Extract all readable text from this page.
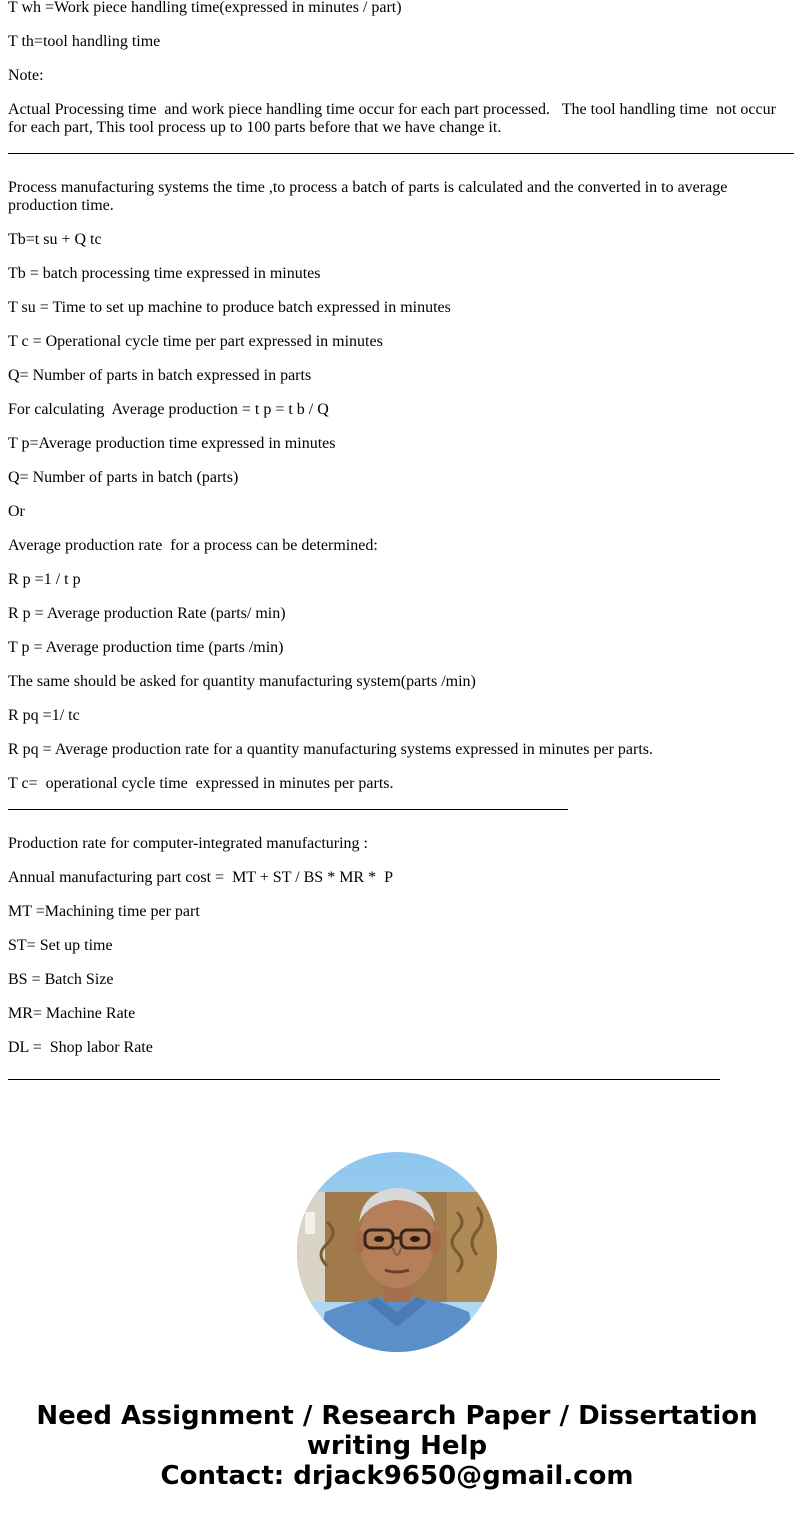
T wh =Work piece handling time(expressed in minutes / part)

T th=tool handling time

Note:

Actual Processing time  and work piece handling time occur for each part processed.   The tool handling time  not occur for each part, This tool process up to 100 parts before that we have change it.

Process manufacturing systems the time ,to process a batch of parts is calculated and the converted in to average production time.

Tb=t su + Q tc

Tb = batch processing time expressed in minutes

T su = Time to set up machine to produce batch expressed in minutes

T c = Operational cycle time per part expressed in minutes

Q= Number of parts in batch expressed in parts

For calculating  Average production = t p = t b / Q

T p=Average production time expressed in minutes

Q= Number of parts in batch (parts)

Or

Average production rate  for a process can be determined:

R p =1 / t p

R p = Average production Rate (parts/ min)

T p = Average production time (parts /min)

The same should be asked for quantity manufacturing system(parts /min)

R pq =1/ tc

R pq = Average production rate for a quantity manufacturing systems expressed in minutes per parts.

T c=  operational cycle time  expressed in minutes per parts.

Production rate for computer-integrated manufacturing :

Annual manufacturing part cost =  MT + ST / BS * MR *  P

MT =Machining time per part

ST= Set up time

BS = Batch Size

MR= Machine Rate

DL =  Shop labor Rate

Need Assignment / Research Paper / Dissertation
writing Help
Contact: drjack9650@gmail.com
